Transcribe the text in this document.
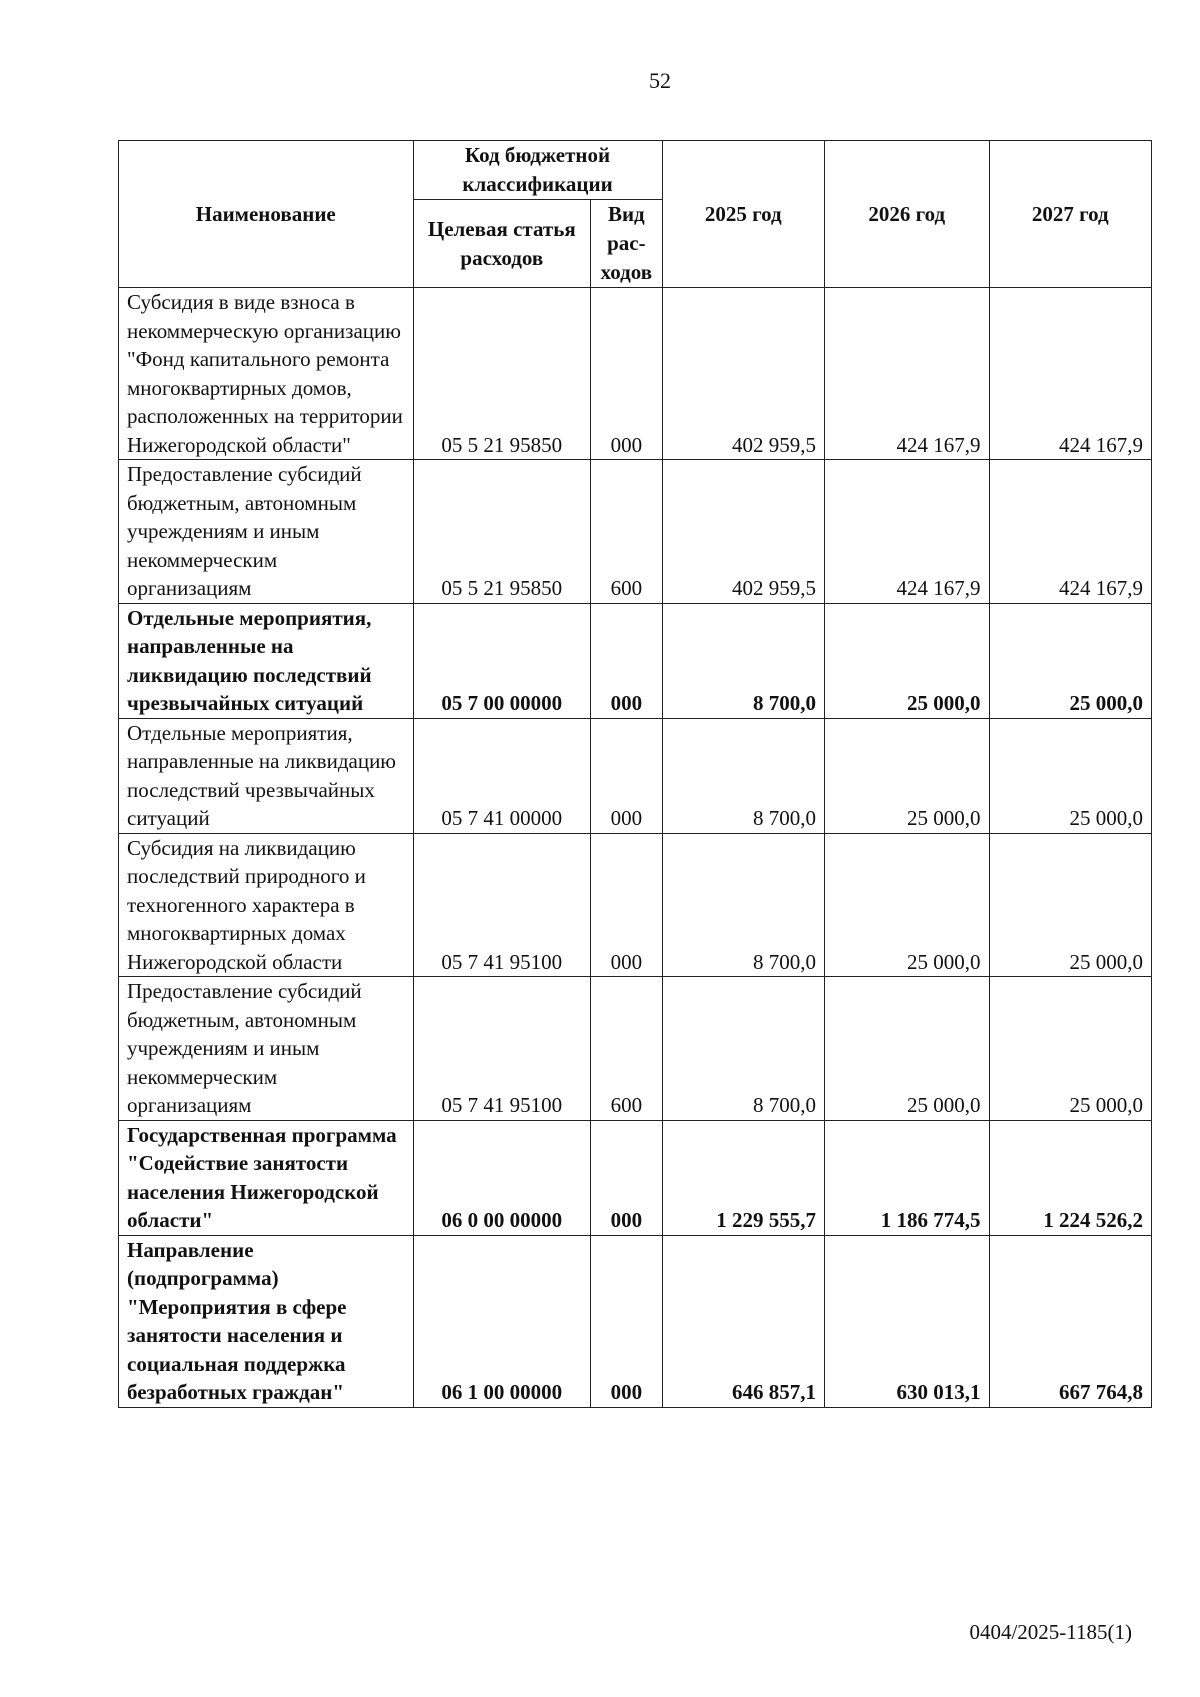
52
Наименование	Код бюджетной классификации		2025 год	2026 год	2027 год
	Целевая статья расходов	Вид рас-ходов			
Субсидия в виде взноса в некоммерческую организацию "Фонд капитального ремонта многоквартирных домов, расположенных на территории Нижегородской области"	05 5 21 95850	000	402 959,5	424 167,9	424 167,9
Предоставление субсидий бюджетным, автономным учреждениям и иным некоммерческим организациям	05 5 21 95850	600	402 959,5	424 167,9	424 167,9
Отдельные мероприятия, направленные на ликвидацию последствий чрезвычайных ситуаций	05 7 00 00000	000	8 700,0	25 000,0	25 000,0
Отдельные мероприятия, направленные на ликвидацию последствий чрезвычайных ситуаций	05 7 41 00000	000	8 700,0	25 000,0	25 000,0
Субсидия на ликвидацию последствий природного и техногенного характера в многоквартирных домах Нижегородской области	05 7 41 95100	000	8 700,0	25 000,0	25 000,0
Предоставление субсидий бюджетным, автономным учреждениям и иным некоммерческим организациям	05 7 41 95100	600	8 700,0	25 000,0	25 000,0
Государственная программа "Содействие занятости населения Нижегородской области"	06 0 00 00000	000	1 229 555,7	1 186 774,5	1 224 526,2
Направление (подпрограмма) "Мероприятия в сфере занятости населения и социальная поддержка безработных граждан"	06 1 00 00000	000	646 857,1	630 013,1	667 764,8
0404/2025-1185(1)
